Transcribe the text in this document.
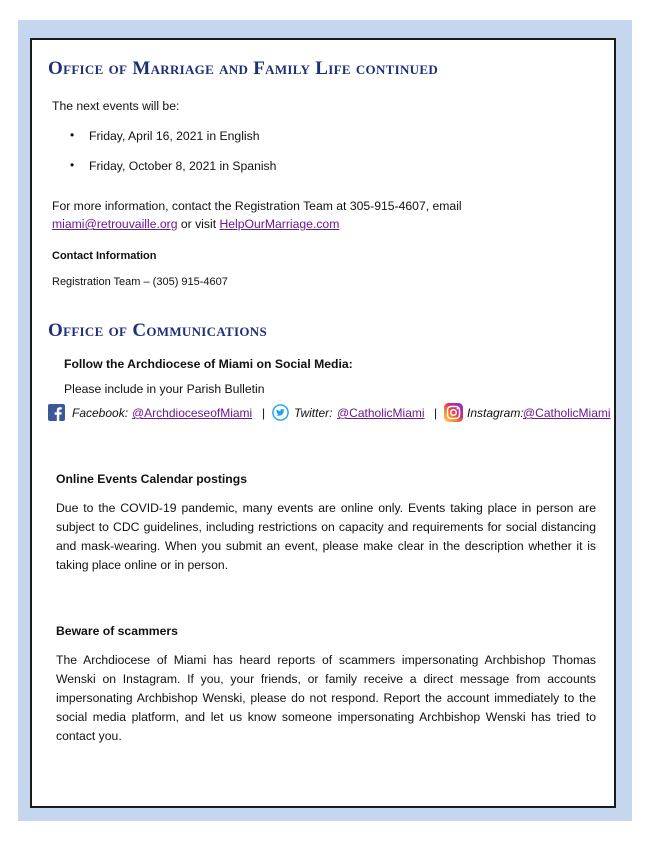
Office of Marriage and Family Life continued
The next events will be:
• Friday, April 16, 2021 in English
• Friday, October 8, 2021 in Spanish
For more information, contact the Registration Team at 305-915-4607, email
miami@retrouvaille.org or visit HelpOurMarriage.com
Contact Information
Registration Team – (305) 915-4607
Office of Communications
Follow the Archdiocese of Miami on Social Media:
Please include in your Parish Bulletin
Facebook: @ArchdioceseofMiami | Twitter: @CatholicMiami | Instagram: @CatholicMiami
Online Events Calendar postings
Due to the COVID-19 pandemic, many events are online only. Events taking place in person are subject to CDC guidelines, including restrictions on capacity and requirements for social distancing and mask-wearing. When you submit an event, please make clear in the description whether it is taking place online or in person.
Beware of scammers
The Archdiocese of Miami has heard reports of scammers impersonating Archbishop Thomas Wenski on Instagram. If you, your friends, or family receive a direct message from accounts impersonating Archbishop Wenski, please do not respond. Report the account immediately to the social media platform, and let us know someone impersonating Archbishop Wenski has tried to contact you.
